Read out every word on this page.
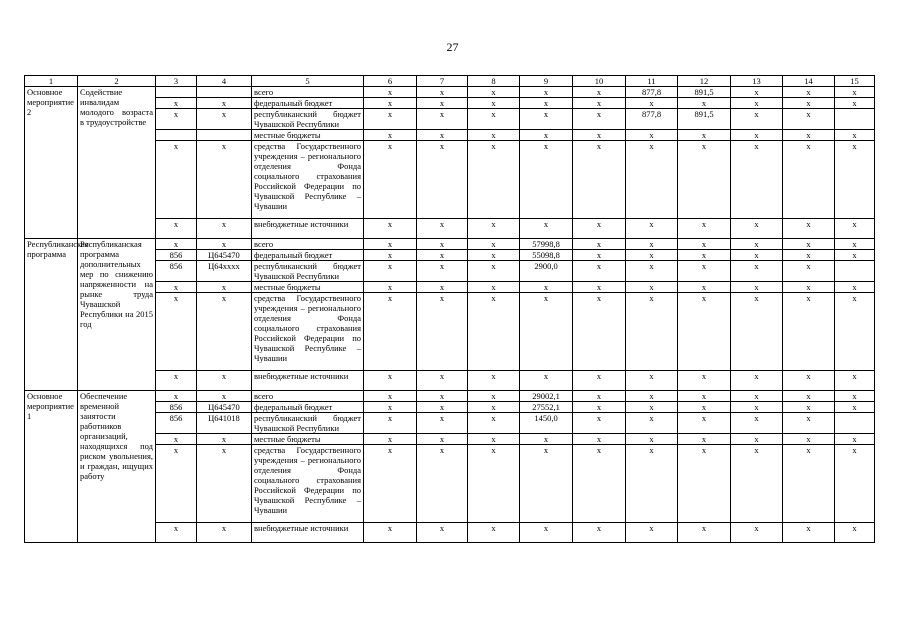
27
1	2	3	4	5	6	7	8	9	10	11	12	13	14	15
Основное мероприятие 2	Содействие инвалидам молодого возраста в трудоустройстве			всего	x	x	x	x	x	877,8	891,5	x	x	x
		x	x	федеральный бюджет	x	x	x	x	x	x	x	x	x	x
		x	x	республиканский бюджет Чувашской Республики	x	x	x	x	x	877,8	891,5	x	x	
				местные бюджеты	x	x	x	x	x	x	x	x	x	x
		x	x	средства Государственного учреждения – регионального отделения Фонда социального страхования Российской Федерации по Чувашской Республике – Чувашии	x	x	x	x	x	x	x	x	x	x
		x	x	внебюджетные источники	x	x	x	x	x	x	x	x	x	x
Республиканская программа	Республиканская программа дополнительных мер по снижению напряженности на рынке труда Чувашской Республики на 2015 год	x	x	всего	x	x	x	57998,8	x	x	x	x	x	x
		856	Ц645470	федеральный бюджет	x	x	x	55098,8	x	x	x	x	x	x
		856	Ц64хххх	республиканский бюджет Чувашской Республики	x	x	x	2900,0	x	x	x	x	x	
		x	x	местные бюджеты	x	x	x	x	x	x	x	x	x	x
		x	x	средства Государственного учреждения – регионального отделения Фонда социального страхования Российской Федерации по Чувашской Республике – Чувашии	x	x	x	x	x	x	x	x	x	x
		x	x	внебюджетные источники	x	x	x	x	x	x	x	x	x	x
Основное мероприятие 1	Обеспечение временной занятости работников организаций, находящихся под риском увольнения, и граждан, ищущих работу	x	x	всего	x	x	x	29002,1	x	x	x	x	x	x
		856	Ц645470	федеральный бюджет	x	x	x	27552,1	x	x	x	x	x	x
		856	Ц641018	республиканский бюджет Чувашской Республики	x	x	x	1450,0	x	x	x	x	x	
		x	x	местные бюджеты	x	x	x	x	x	x	x	x	x	x
		x	x	средства Государственного учреждения – регионального отделения Фонда социального страхования Российской Федерации по Чувашской Республике – Чувашии	x	x	x	x	x	x	x	x	x	x
		x	x	внебюджетные источники	x	x	x	x	x	x	x	x	x	x
